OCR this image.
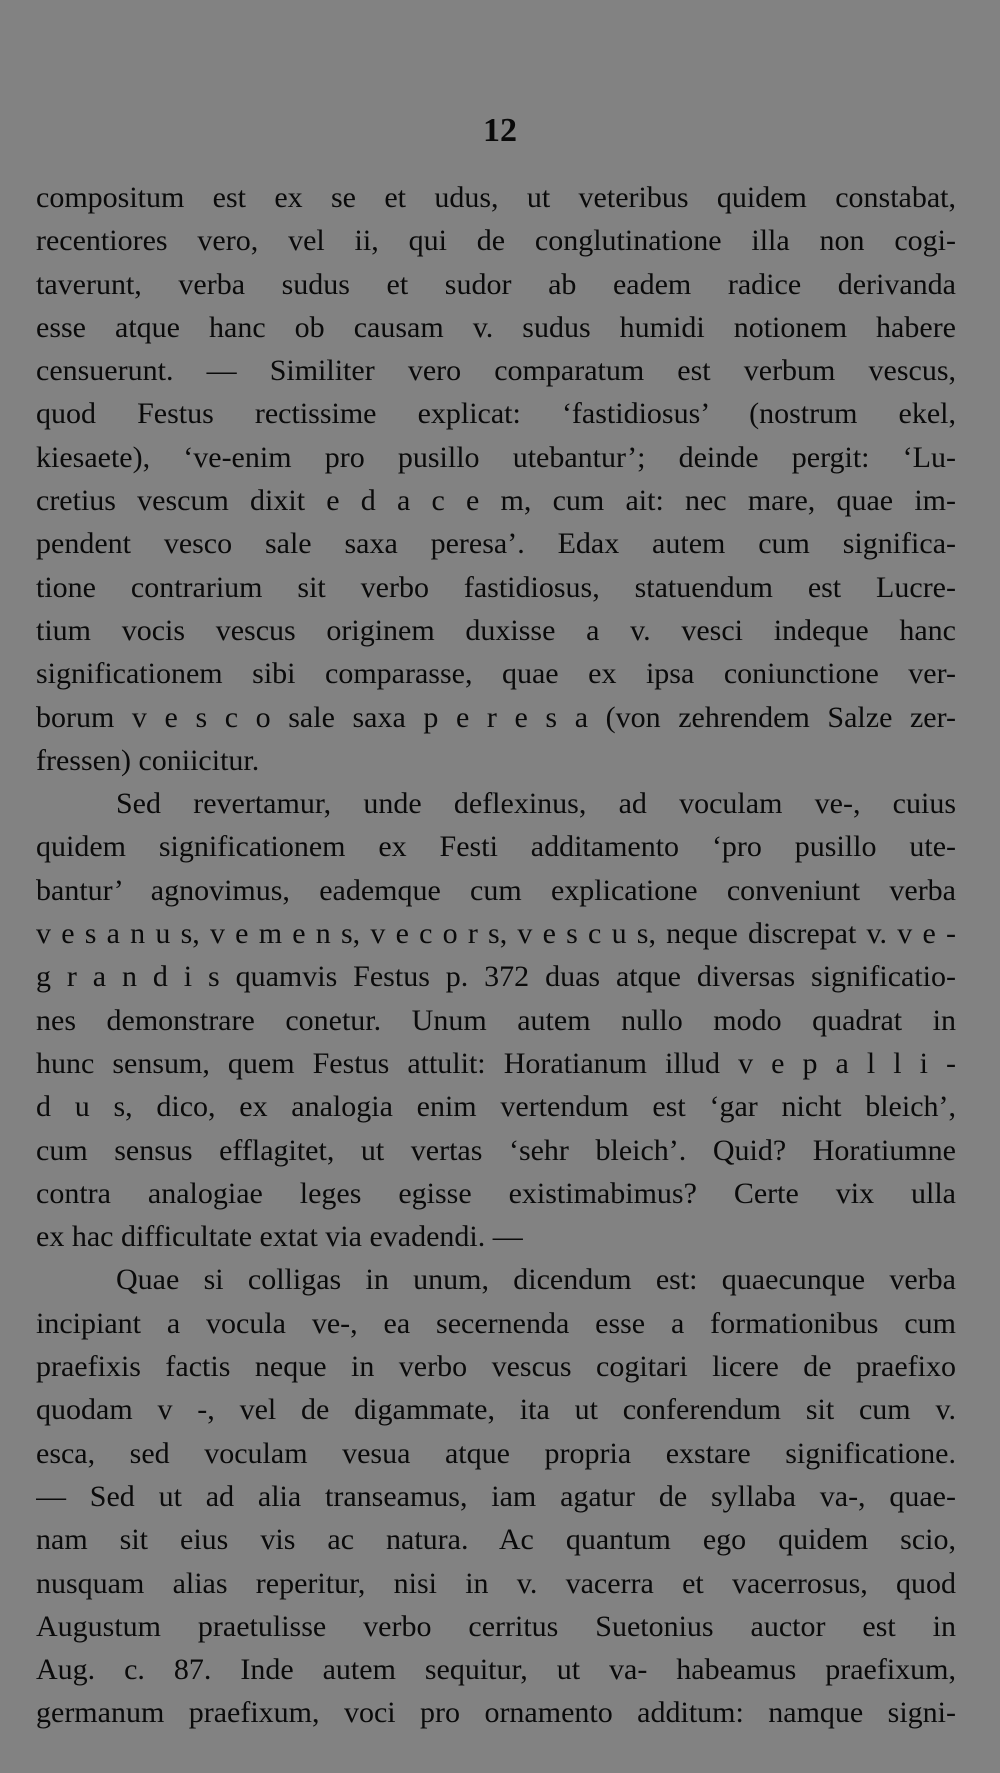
12
compositum est ex se et udus, ut veteribus quidem constabat,
recentiores vero, vel ii, qui de conglutinatione illa non cogi-
taverunt, verba sudus et sudor ab eadem radice derivanda
esse atque hanc ob causam v. sudus humidi notionem habere
censuerunt. — Similiter vero comparatum est verbum vescus,
quod Festus rectissime explicat: ‘fastidiosus’ (nostrum ekel,
kiesaete), ‘ve-enim pro pusillo utebantur’; deinde pergit: ‘Lu-
cretius vescum dixit e d a c e m, cum ait: nec mare, quae im-
pendent vesco sale saxa peresa’. Edax autem cum significa-
tione contrarium sit verbo fastidiosus, statuendum est Lucre-
tium vocis vescus originem duxisse a v. vesci indeque hanc
significationem sibi comparasse, quae ex ipsa coniunctione ver-
borum v e s c o sale saxa p e r e s a (von zehrendem Salze zer-
fressen) coniicitur.
Sed revertamur, unde deflexinus, ad voculam ve-, cuius
quidem significationem ex Festi additamento ‘pro pusillo ute-
bantur’ agnovimus, eademque cum explicatione conveniunt verba
v e s a n u s, v e m e n s, v e c o r s, v e s c u s, neque discrepat v. v e -
g r a n d i s quamvis Festus p. 372 duas atque diversas significatio-
nes demonstrare conetur. Unum autem nullo modo quadrat in
hunc sensum, quem Festus attulit: Horatianum illud v e p a l l i -
d u s, dico, ex analogia enim vertendum est ‘gar nicht bleich’,
cum sensus efflagitet, ut vertas ‘sehr bleich’. Quid? Horatiumne
contra analogiae leges egisse existimabimus? Certe vix ulla
ex hac difficultate extat via evadendi. —
Quae si colligas in unum, dicendum est: quaecunque verba
incipiant a vocula ve-, ea secernenda esse a formationibus cum
praefixis factis neque in verbo vescus cogitari licere de praefixo
quodam v -, vel de digammate, ita ut conferendum sit cum v.
esca, sed voculam vesua atque propria exstare significatione.
— Sed ut ad alia transeamus, iam agatur de syllaba va-, quae-
nam sit eius vis ac natura. Ac quantum ego quidem scio,
nusquam alias reperitur, nisi in v. vacerra et vacerrosus, quod
Augustum praetulisse verbo cerritus Suetonius auctor est in
Aug. c. 87. Inde autem sequitur, ut va- habeamus praefixum,
germanum praefixum, voci pro ornamento additum: namque signi-
